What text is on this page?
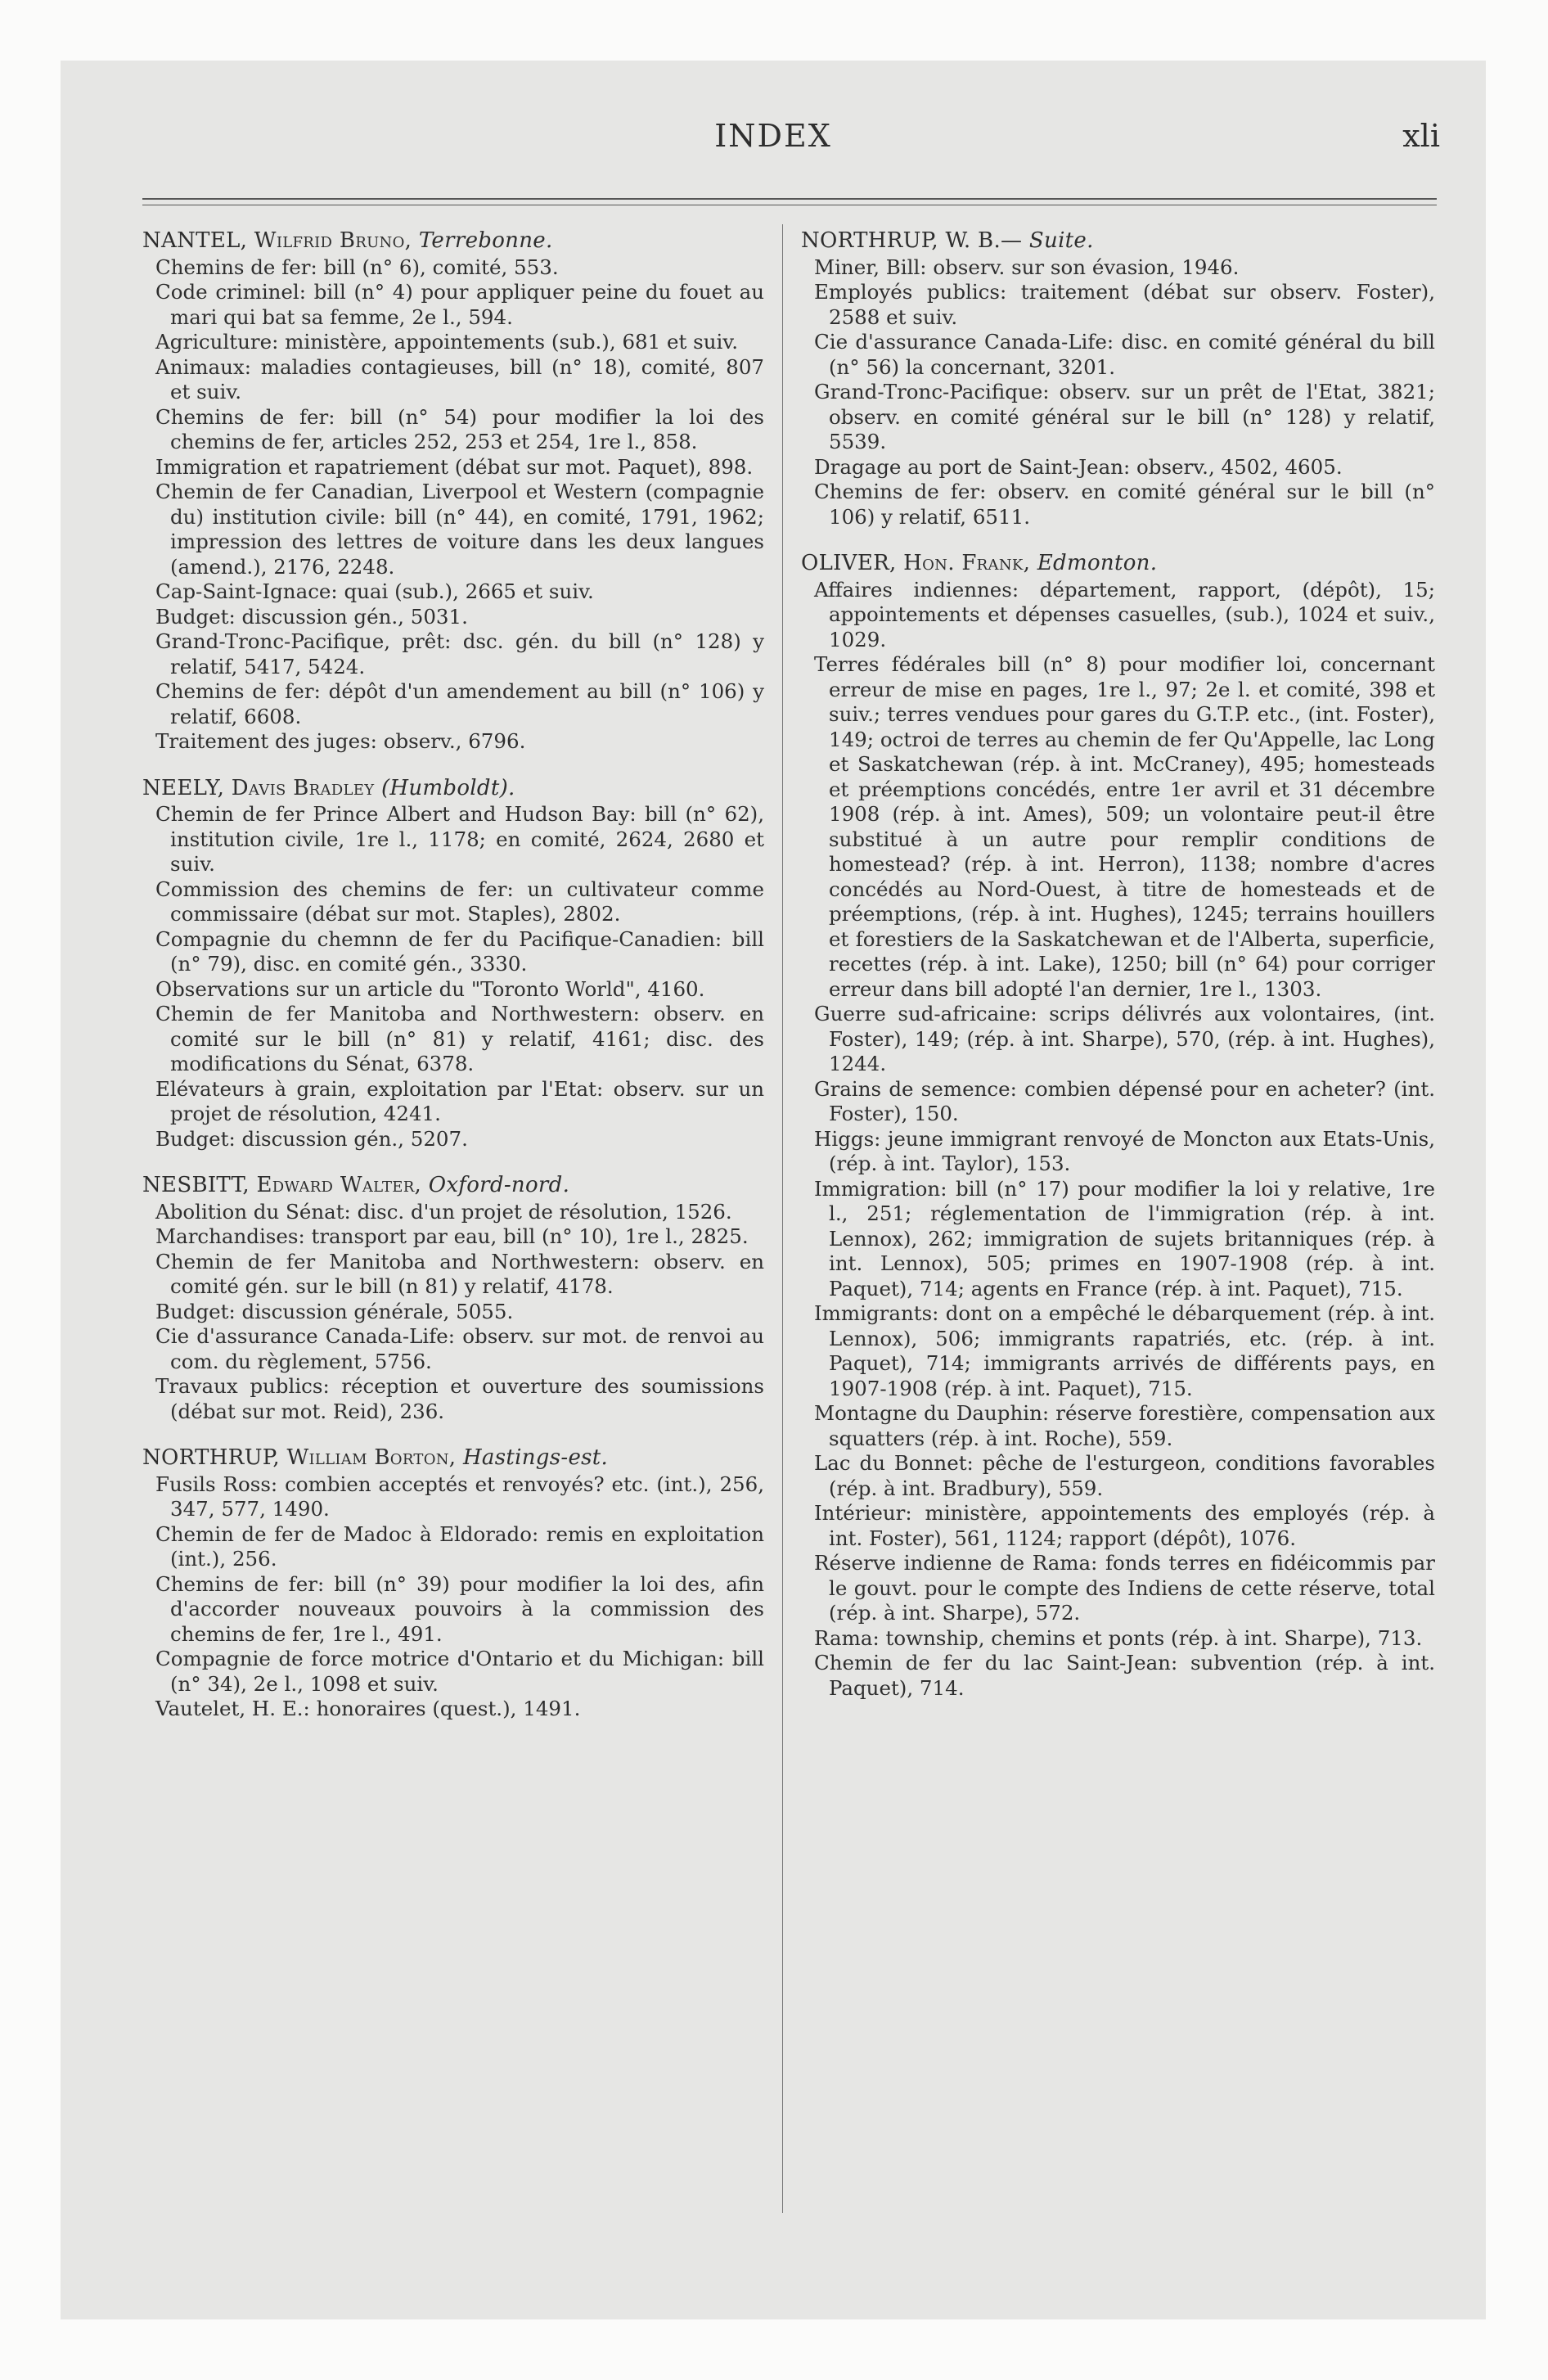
INDEX	xli
NANTEL, Wilfrid Bruno, Terrebonne.
Chemins de fer: bill (n° 6), comité, 553.
Code criminel: bill (n° 4) pour appliquer peine du fouet au mari qui bat sa femme, 2e l., 594.
Agriculture: ministère, appointements (sub.), 681 et suiv.
Animaux: maladies contagieuses, bill (n° 18), comité, 807 et suiv.
Chemins de fer: bill (n° 54) pour modifier la loi des chemins de fer, articles 252, 253 et 254, 1re l., 858.
Immigration et rapatriement (débat sur mot. Paquet), 898.
Chemin de fer Canadian, Liverpool et Western (compagnie du) institution civile: bill (n° 44), en comité, 1791, 1962; impression des lettres de voiture dans les deux langues (amend.), 2176, 2248.
Cap-Saint-Ignace: quai (sub.), 2665 et suiv.
Budget: discussion gén., 5031.
Grand-Tronc-Pacifique, prêt: dsc. gén. du bill (n° 128) y relatif, 5417, 5424.
Chemins de fer: dépôt d'un amendement au bill (n° 106) y relatif, 6608.
Traitement des juges: observ., 6796.
NEELY, Davis Bradley (Humboldt).
Chemin de fer Prince Albert and Hudson Bay: bill (n° 62), institution civile, 1re l., 1178; en comité, 2624, 2680 et suiv.
Commission des chemins de fer: un cultivateur comme commissaire (débat sur mot. Staples), 2802.
Compagnie du chemnn de fer du Pacifique-Canadien: bill (n° 79), disc. en comité gén., 3330.
Observations sur un article du "Toronto World", 4160.
Chemin de fer Manitoba and Northwestern: observ. en comité sur le bill (n° 81) y relatif, 4161; disc. des modifications du Sénat, 6378.
Elévateurs à grain, exploitation par l'Etat: observ. sur un projet de résolution, 4241.
Budget: discussion gén., 5207.
NESBITT, Edward Walter, Oxford-nord.
Abolition du Sénat: disc. d'un projet de résolution, 1526.
Marchandises: transport par eau, bill (n° 10), 1re l., 2825.
Chemin de fer Manitoba and Northwestern: observ. en comité gén. sur le bill (n 81) y relatif, 4178.
Budget: discussion générale, 5055.
Cie d'assurance Canada-Life: observ. sur mot. de renvoi au com. du règlement, 5756.
Travaux publics: réception et ouverture des soumissions (débat sur mot. Reid), 236.
NORTHRUP, William Borton, Hastings-est.
Fusils Ross: combien acceptés et renvoyés? etc. (int.), 256, 347, 577, 1490.
Chemin de fer de Madoc à Eldorado: remis en exploitation (int.), 256.
Chemins de fer: bill (n° 39) pour modifier la loi des, afin d'accorder nouveaux pouvoirs à la commission des chemins de fer, 1re l., 491.
Compagnie de force motrice d'Ontario et du Michigan: bill (n° 34), 2e l., 1098 et suiv.
Vautelet, H. E.: honoraires (quest.), 1491.
NORTHRUP, W. B.— Suite.
Miner, Bill: observ. sur son évasion, 1946.
Employés publics: traitement (débat sur observ. Foster), 2588 et suiv.
Cie d'assurance Canada-Life: disc. en comité général du bill (n° 56) la concernant, 3201.
Grand-Tronc-Pacifique: observ. sur un prêt de l'Etat, 3821; observ. en comité général sur le bill (n° 128) y relatif, 5539.
Dragage au port de Saint-Jean: observ., 4502, 4605.
Chemins de fer: observ. en comité général sur le bill (n° 106) y relatif, 6511.
OLIVER, Hon. Frank, Edmonton.
Affaires indiennes: département, rapport, (dépôt), 15; appointements et dépenses casuelles, (sub.), 1024 et suiv., 1029.
Terres fédérales bill (n° 8) pour modifier loi, concernant erreur de mise en pages, 1re l., 97; 2e l. et comité, 398 et suiv.; terres vendues pour gares du G.T.P. etc., (int. Foster), 149; octroi de terres au chemin de fer Qu'Appelle, lac Long et Saskatchewan (rép. à int. McCraney), 495; homesteads et préemptions concédés, entre 1er avril et 31 décembre 1908 (rép. à int. Ames), 509; un volontaire peut-il être substitué à un autre pour remplir conditions de homestead? (rép. à int. Herron), 1138; nombre d'acres concédés au Nord-Ouest, à titre de homesteads et de préemptions, (rép. à int. Hughes), 1245; terrains houillers et forestiers de la Saskatchewan et de l'Alberta, superficie, recettes (rép. à int. Lake), 1250; bill (n° 64) pour corriger erreur dans bill adopté l'an dernier, 1re l., 1303.
Guerre sud-africaine: scrips délivrés aux volontaires, (int. Foster), 149; (rép. à int. Sharpe), 570, (rép. à int. Hughes), 1244.
Grains de semence: combien dépensé pour en acheter? (int. Foster), 150.
Higgs: jeune immigrant renvoyé de Moncton aux Etats-Unis, (rép. à int. Taylor), 153.
Immigration: bill (n° 17) pour modifier la loi y relative, 1re l., 251; réglementation de l'immigration (rép. à int. Lennox), 262; immigration de sujets britanniques (rép. à int. Lennox), 505; primes en 1907-1908 (rép. à int. Paquet), 714; agents en France (rép. à int. Paquet), 715.
Immigrants: dont on a empêché le débarquement (rép. à int. Lennox), 506; immigrants rapatriés, etc. (rép. à int. Paquet), 714; immigrants arrivés de différents pays, en 1907-1908 (rép. à int. Paquet), 715.
Montagne du Dauphin: réserve forestière, compensation aux squatters (rép. à int. Roche), 559.
Lac du Bonnet: pêche de l'esturgeon, conditions favorables (rép. à int. Bradbury), 559.
Intérieur: ministère, appointements des employés (rép. à int. Foster), 561, 1124; rapport (dépôt), 1076.
Réserve indienne de Rama: fonds terres en fidéicommis par le gouvt. pour le compte des Indiens de cette réserve, total (rép. à int. Sharpe), 572.
Rama: township, chemins et ponts (rép. à int. Sharpe), 713.
Chemin de fer du lac Saint-Jean: subvention (rép. à int. Paquet), 714.
